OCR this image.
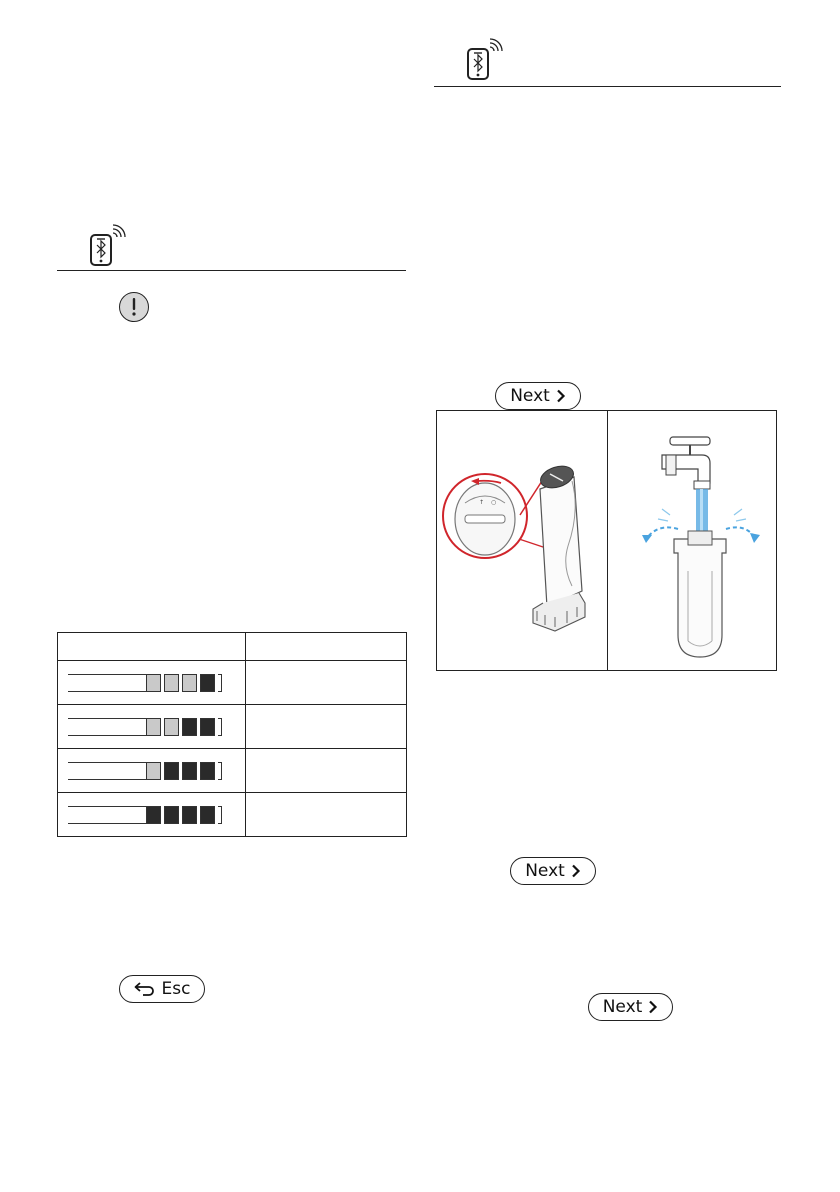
Esc
Next
↑ ○
Next
Next
